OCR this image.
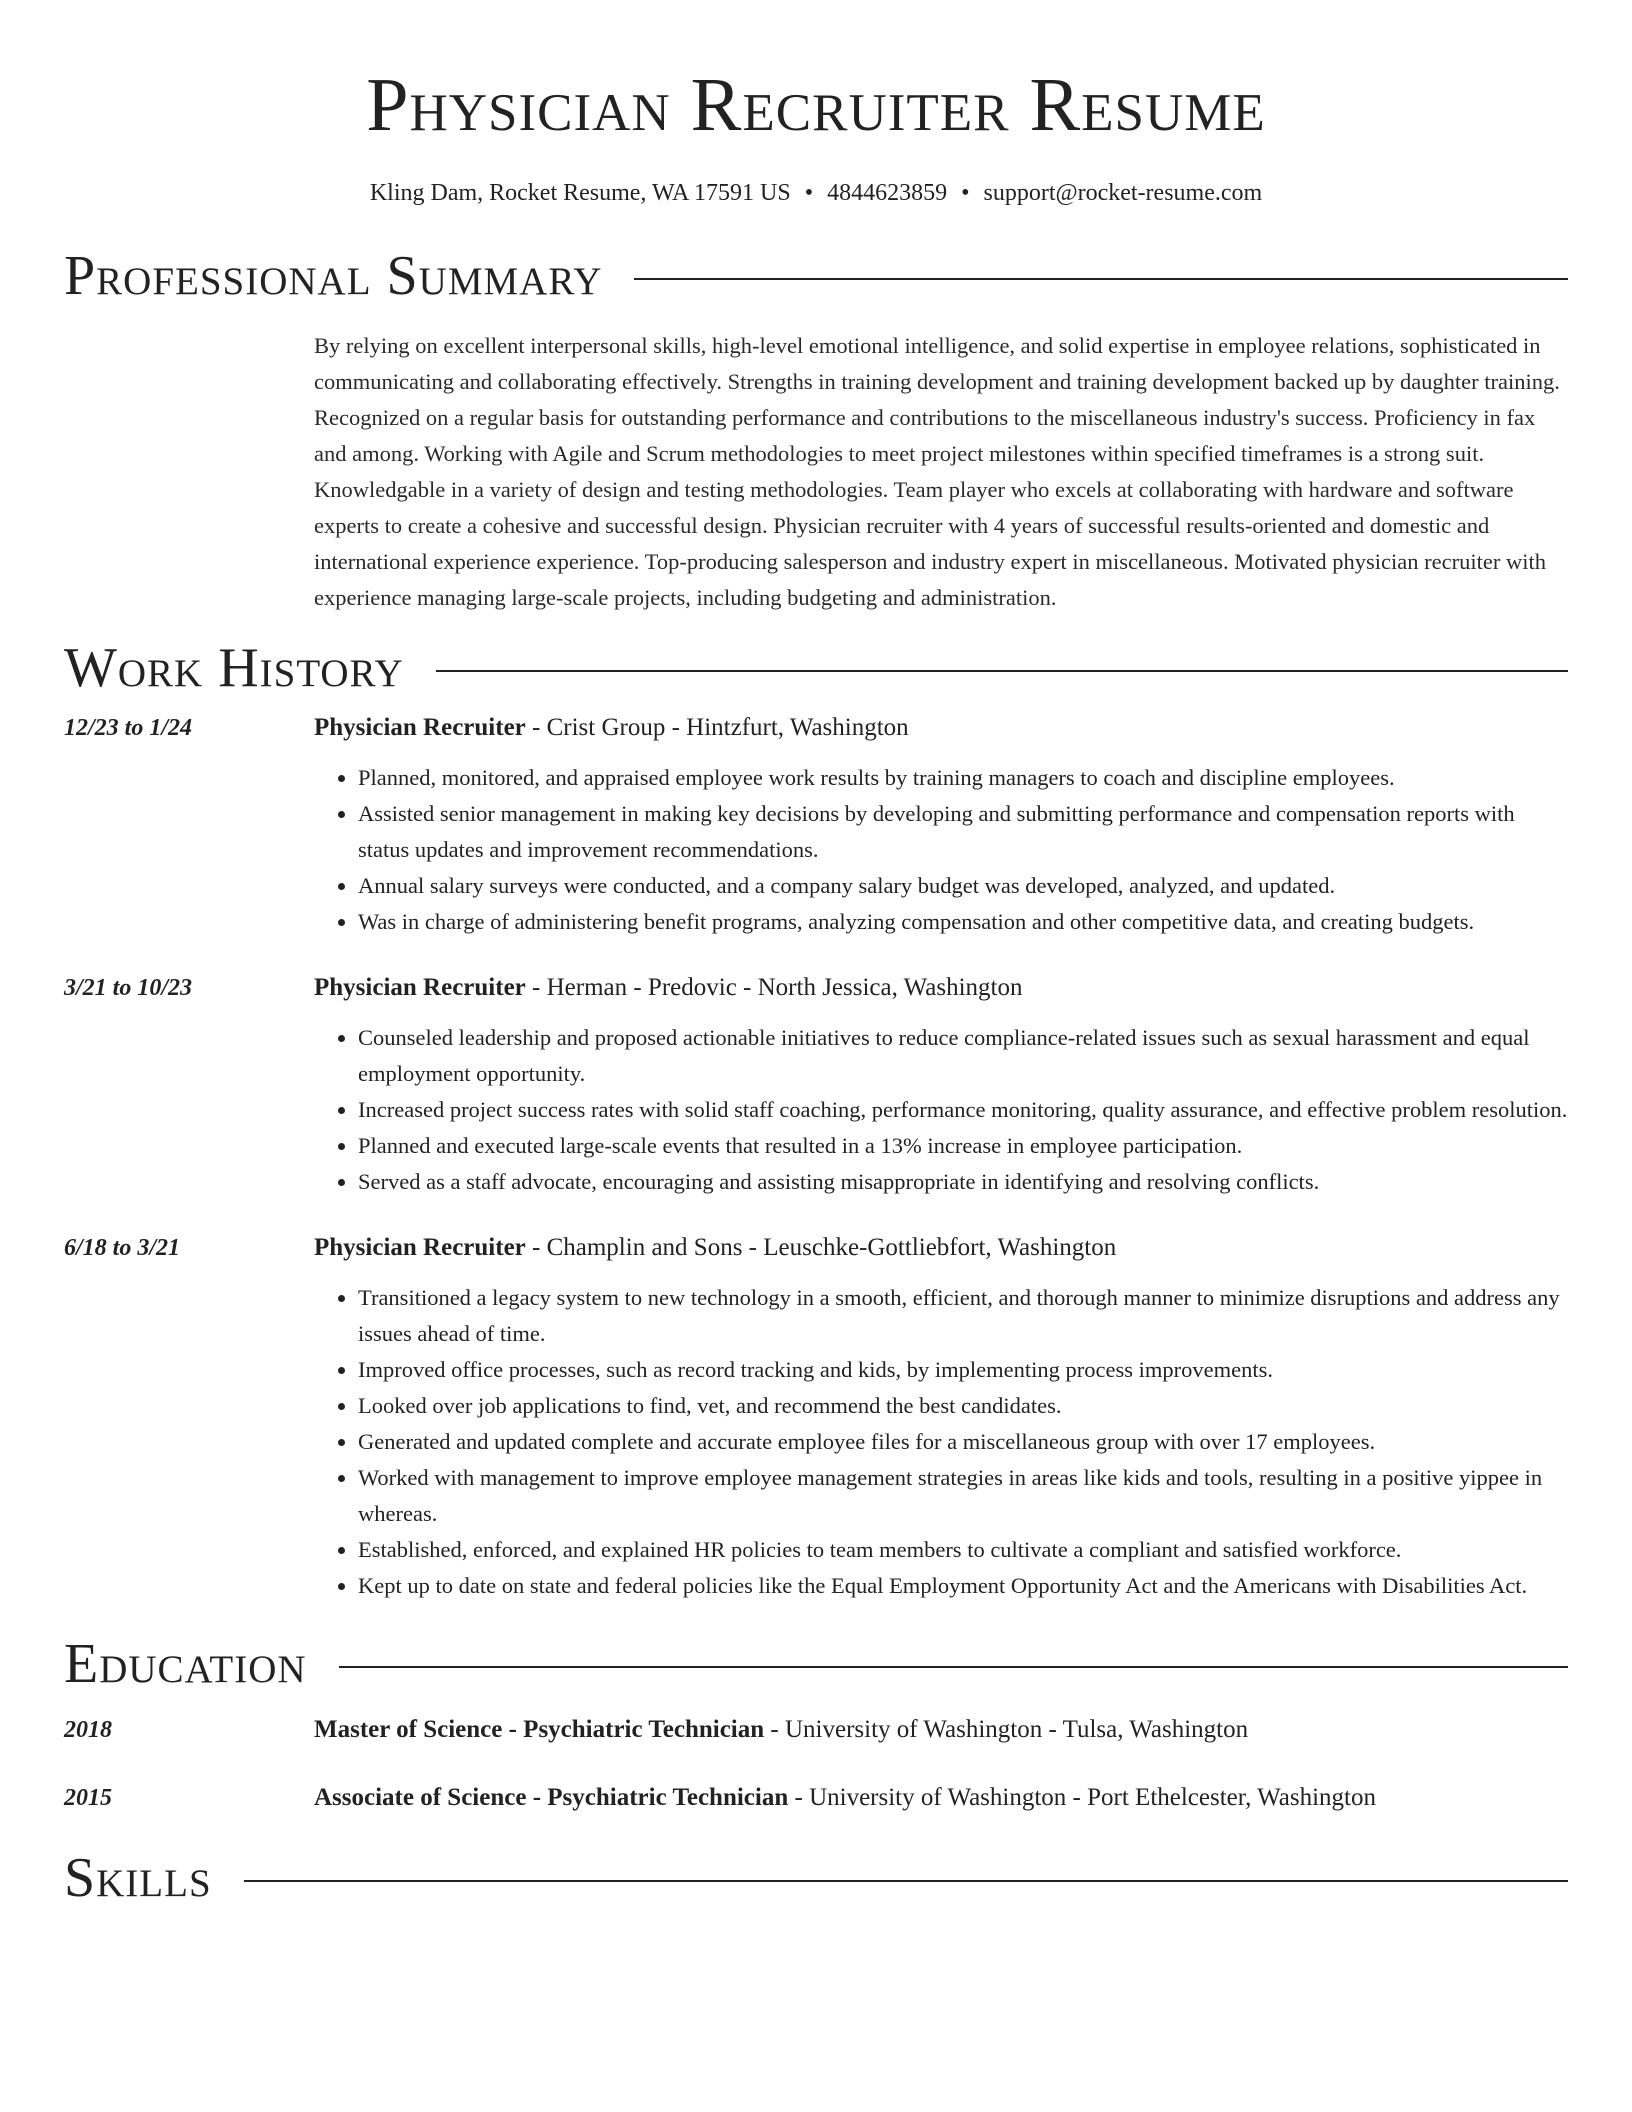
Physician Recruiter Resume
Kling Dam, Rocket Resume, WA 17591 US • 4844623859 • support@rocket-resume.com
Professional Summary
By relying on excellent interpersonal skills, high-level emotional intelligence, and solid expertise in employee relations, sophisticated in communicating and collaborating effectively. Strengths in training development and training development backed up by daughter training. Recognized on a regular basis for outstanding performance and contributions to the miscellaneous industry's success. Proficiency in fax and among. Working with Agile and Scrum methodologies to meet project milestones within specified timeframes is a strong suit. Knowledgable in a variety of design and testing methodologies. Team player who excels at collaborating with hardware and software experts to create a cohesive and successful design. Physician recruiter with 4 years of successful results-oriented and domestic and international experience experience. Top-producing salesperson and industry expert in miscellaneous. Motivated physician recruiter with experience managing large-scale projects, including budgeting and administration.
Work History
12/23 to 1/24	Physician Recruiter - Crist Group - Hintzfurt, Washington
• Planned, monitored, and appraised employee work results by training managers to coach and discipline employees.
• Assisted senior management in making key decisions by developing and submitting performance and compensation reports with status updates and improvement recommendations.
• Annual salary surveys were conducted, and a company salary budget was developed, analyzed, and updated.
• Was in charge of administering benefit programs, analyzing compensation and other competitive data, and creating budgets.
3/21 to 10/23	Physician Recruiter - Herman - Predovic - North Jessica, Washington
• Counseled leadership and proposed actionable initiatives to reduce compliance-related issues such as sexual harassment and equal employment opportunity.
• Increased project success rates with solid staff coaching, performance monitoring, quality assurance, and effective problem resolution.
• Planned and executed large-scale events that resulted in a 13% increase in employee participation.
• Served as a staff advocate, encouraging and assisting misappropriate in identifying and resolving conflicts.
6/18 to 3/21	Physician Recruiter - Champlin and Sons - Leuschke-Gottliebfort, Washington
• Transitioned a legacy system to new technology in a smooth, efficient, and thorough manner to minimize disruptions and address any issues ahead of time.
• Improved office processes, such as record tracking and kids, by implementing process improvements.
• Looked over job applications to find, vet, and recommend the best candidates.
• Generated and updated complete and accurate employee files for a miscellaneous group with over 17 employees.
• Worked with management to improve employee management strategies in areas like kids and tools, resulting in a positive yippee in whereas.
• Established, enforced, and explained HR policies to team members to cultivate a compliant and satisfied workforce.
• Kept up to date on state and federal policies like the Equal Employment Opportunity Act and the Americans with Disabilities Act.
Education
2018	Master of Science - Psychiatric Technician - University of Washington - Tulsa, Washington
2015	Associate of Science - Psychiatric Technician - University of Washington - Port Ethelcester, Washington
Skills
